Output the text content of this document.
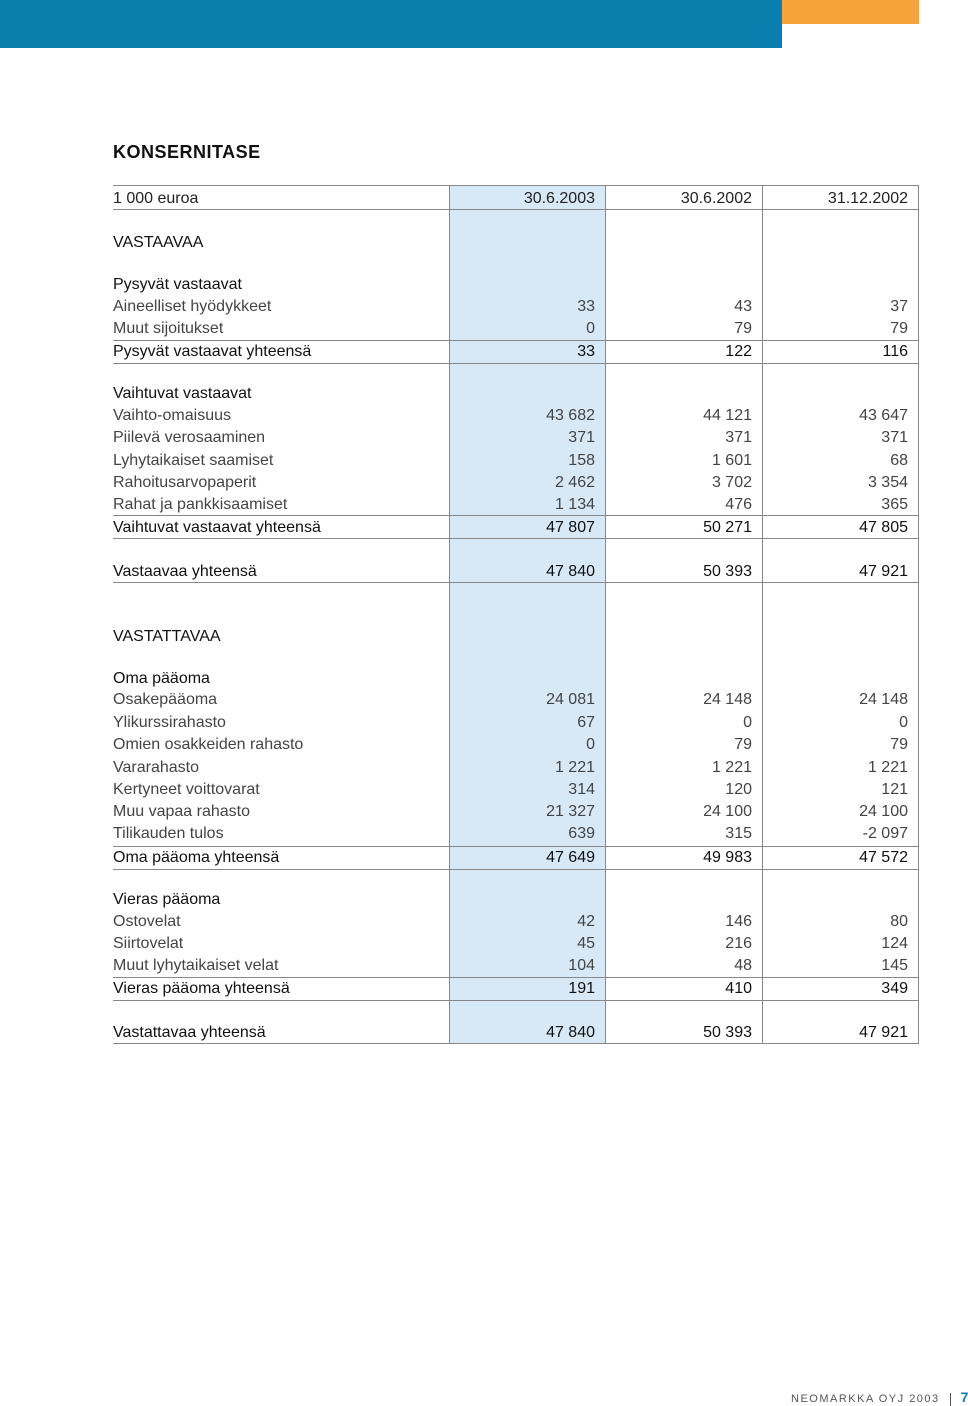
KONSERNITASE
1 000 euroa	30.6.2003	30.6.2002	31.12.2002
VASTAAVAA
Pysyvät vastaavat
Aineelliset hyödykkeet	33	43	37
Muut sijoitukset	0	79	79
Pysyvät vastaavat yhteensä	33	122	116
Vaihtuvat vastaavat
Vaihto-omaisuus	43 682	44 121	43 647
Piilevä verosaaminen	371	371	371
Lyhytaikaiset saamiset	158	1 601	68
Rahoitusarvopaperit	2 462	3 702	3 354
Rahat ja pankkisaamiset	1 134	476	365
Vaihtuvat vastaavat yhteensä	47 807	50 271	47 805
Vastaavaa yhteensä	47 840	50 393	47 921
VASTATTAVAA
Oma pääoma
Osakepääoma	24 081	24 148	24 148
Ylikurssirahasto	67	0	0
Omien osakkeiden rahasto	0	79	79
Vararahasto	1 221	1 221	1 221
Kertyneet voittovarat	314	120	121
Muu vapaa rahasto	21 327	24 100	24 100
Tilikauden tulos	639	315	-2 097
Oma pääoma yhteensä	47 649	49 983	47 572
Vieras pääoma
Ostovelat	42	146	80
Siirtovelat	45	216	124
Muut lyhytaikaiset velat	104	48	145
Vieras pääoma yhteensä	191	410	349
Vastattavaa yhteensä	47 840	50 393	47 921
NEOMARKKA OYJ 2003 7
